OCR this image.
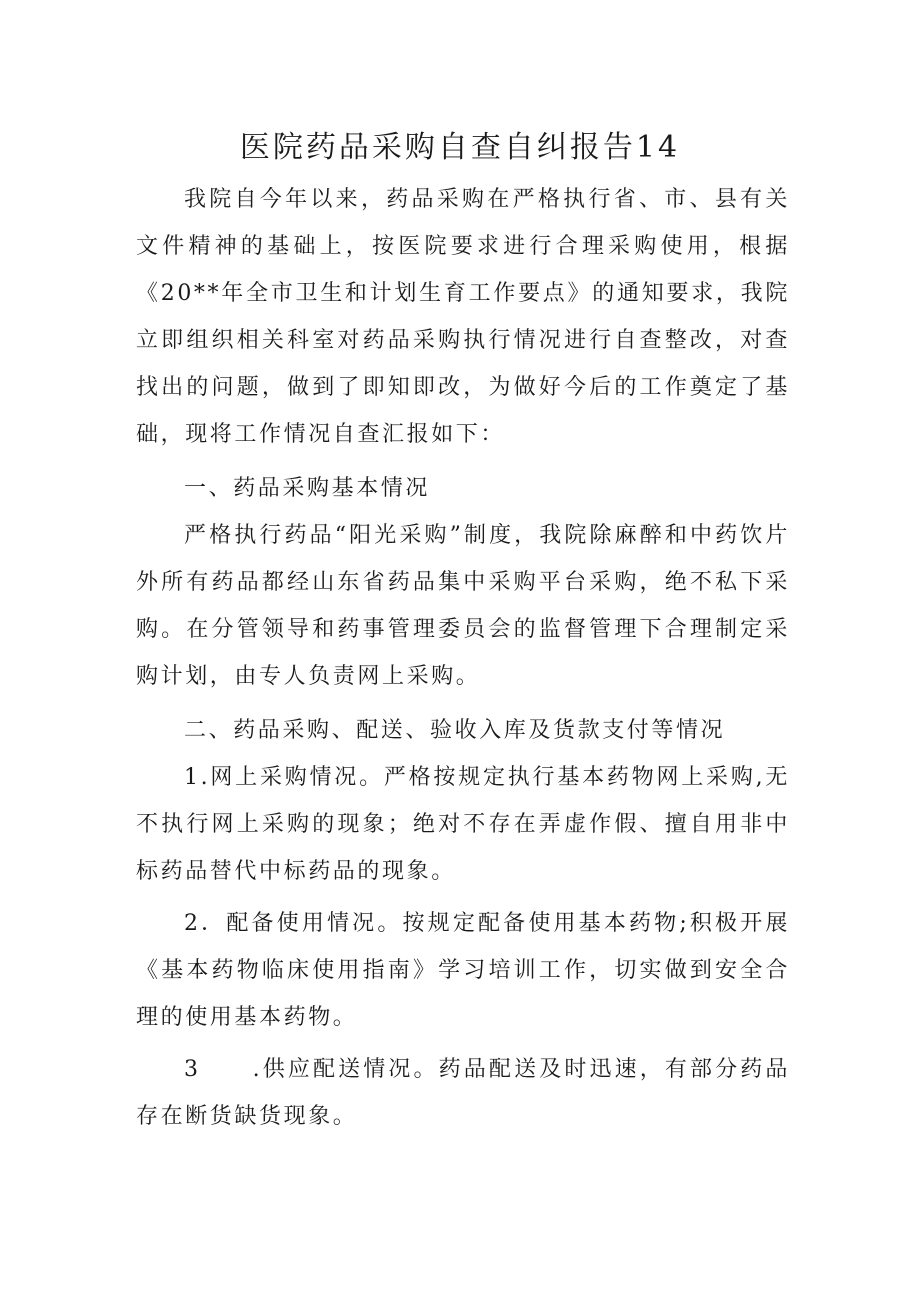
医院药品采购自查自纠报告14

我院自今年以来，药品采购在严格执行省、市、县有关文件精神的基础上，按医院要求进行合理采购使用，根据《20**年全市卫生和计划生育工作要点》的通知要求，我院立即组织相关科室对药品采购执行情况进行自查整改，对查找出的问题，做到了即知即改，为做好今后的工作奠定了基础，现将工作情况自查汇报如下：

一、药品采购基本情况

严格执行药品“阳光采购”制度，我院除麻醉和中药饮片外所有药品都经山东省药品集中采购平台采购，绝不私下采购。在分管领导和药事管理委员会的监督管理下合理制定采购计划，由专人负责网上采购。

二、药品采购、配送、验收入库及货款支付等情况

1.网上采购情况。严格按规定执行基本药物网上采购,无不执行网上采购的现象；绝对不存在弄虚作假、擅自用非中标药品替代中标药品的现象。

2．配备使用情况。按规定配备使用基本药物;积极开展《基本药物临床使用指南》学习培训工作，切实做到安全合理的使用基本药物。

3 .供应配送情况。药品配送及时迅速，有部分药品存在断货缺货现象。
